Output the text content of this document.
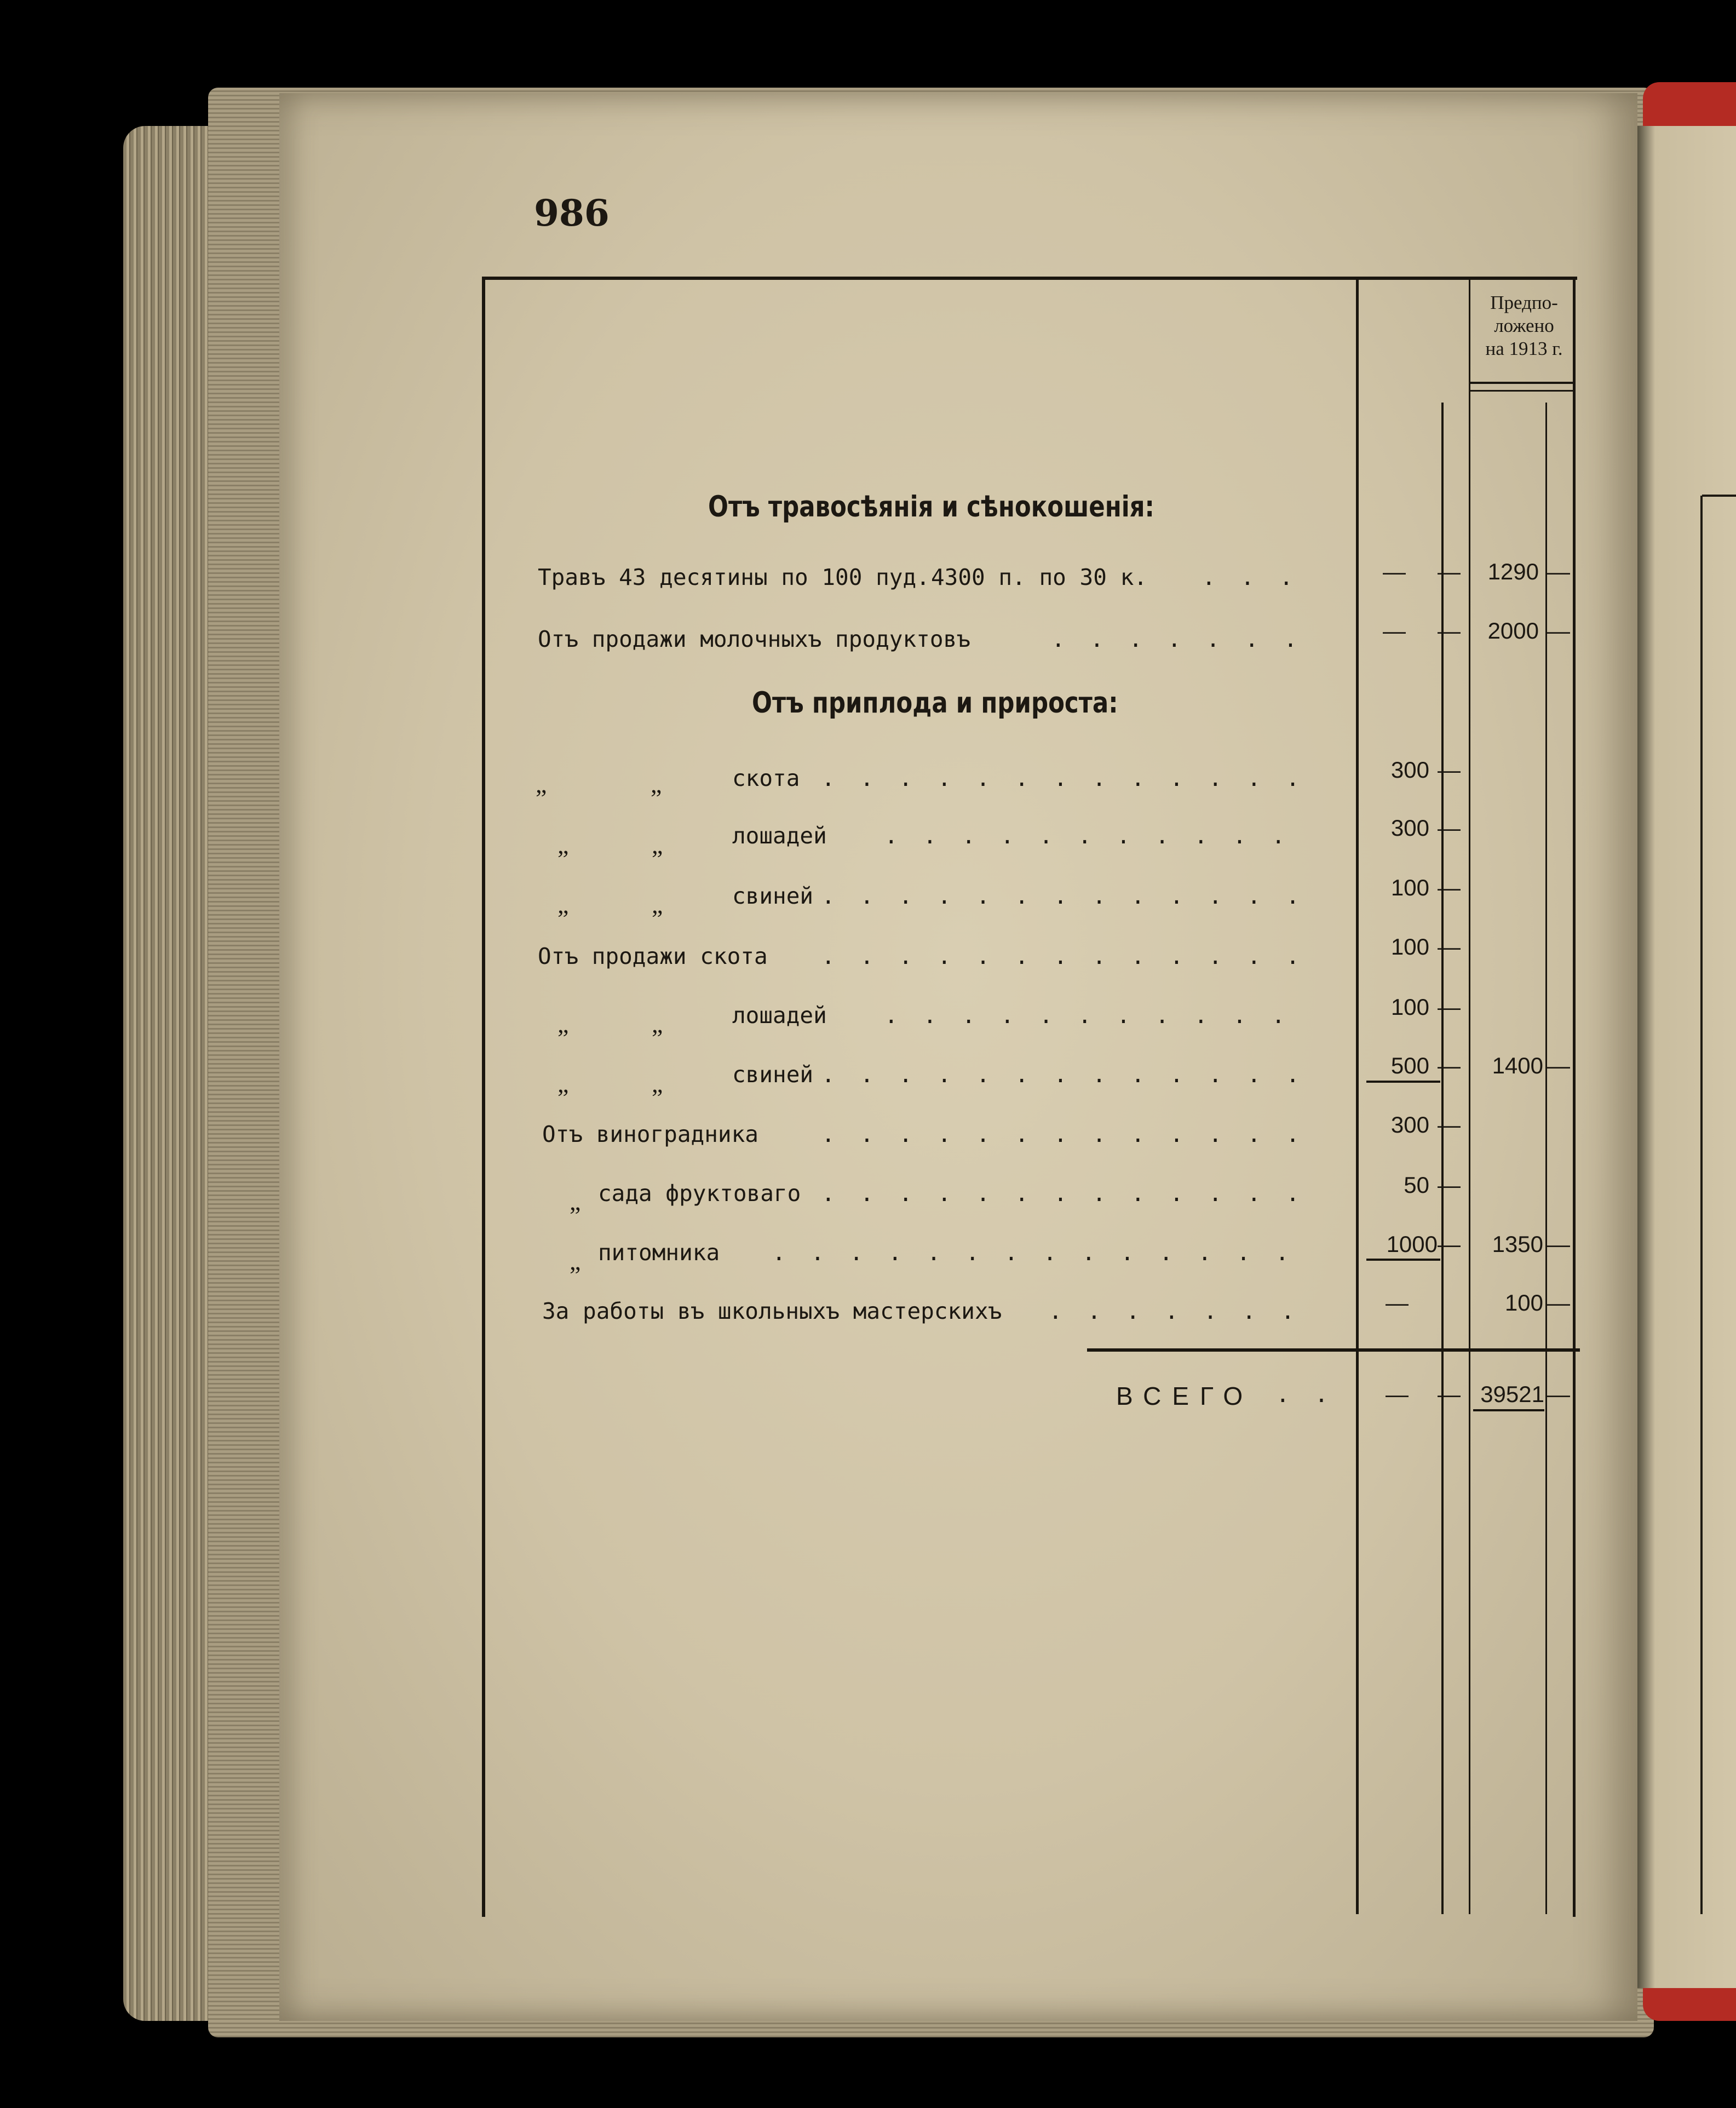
986
Предпо-
ложено
на 1913 г.
Отъ травосѣянія и сѣнокошенія:
Отъ приплода и прироста:
Травъ 43 десятины по 100 пуд. 4300 п. по 30 к. ...	— —	1290 —
Отъ продажи молочныхъ продуктовъ	.......	— —	2000 —
„	„	скота .............	300 —
„	„	лошадей	...........	300 —
„	„	свиней .............	100 —
Отъ продажи скота .............	100 —
„	„	лошадей	...........	100 —
„	„	свиней .............	500 —	1400 —
Отъ виноградника	.............	300 —
„ сада фруктоваго .............	50 —
„ питомника ..............	1000 —	1350 —
За работы въ школьныхъ мастерскихъ .......	—	100 —
ВСЕГО .. — — 39521 —
